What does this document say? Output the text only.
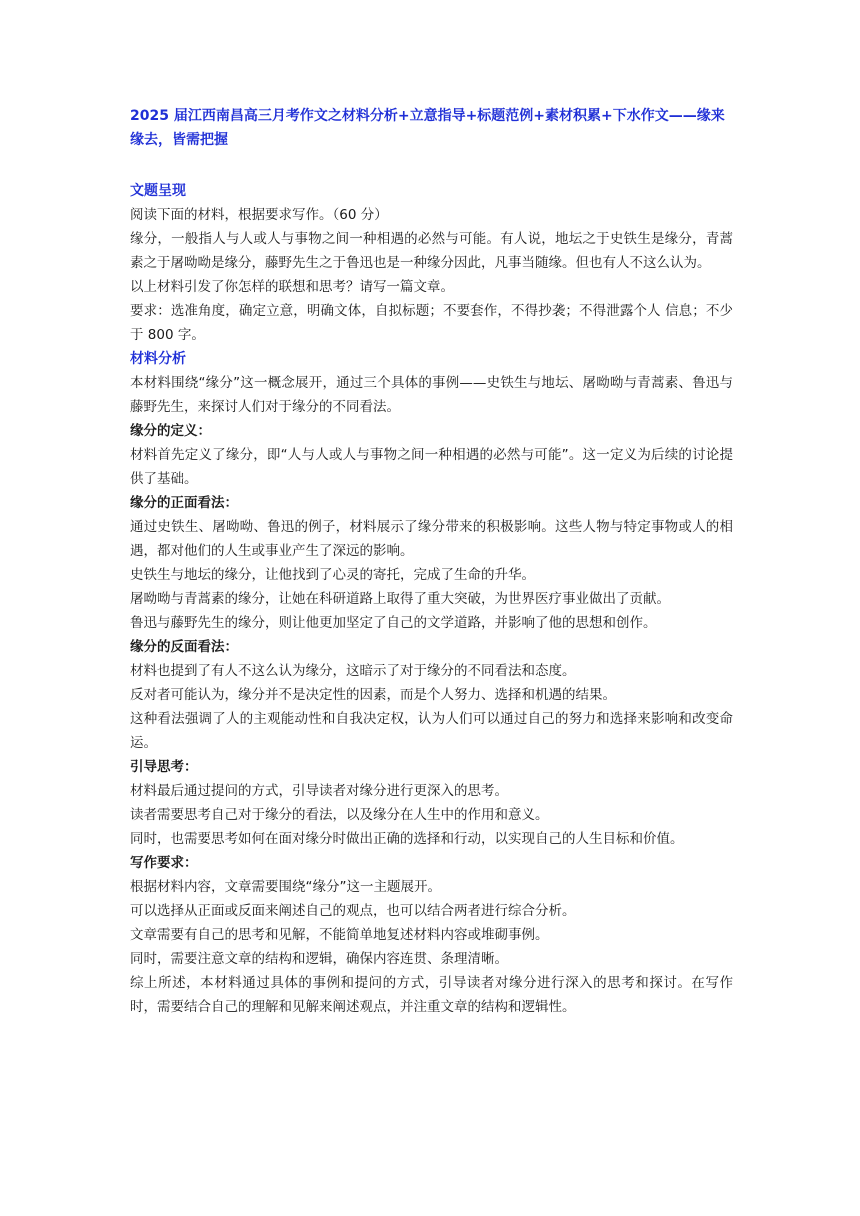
2025 届江西南昌高三月考作文之材料分析+立意指导+标题范例+素材积累+下水作文——缘来缘去，皆需把握

文题呈现

阅读下面的材料，根据要求写作。（60 分）

缘分，一般指人与人或人与事物之间一种相遇的必然与可能。有人说，地坛之于史铁生是缘分，青蒿素之于屠呦呦是缘分，藤野先生之于鲁迅也是一种缘分因此，凡事当随缘。但也有人不这么认为。

以上材料引发了你怎样的联想和思考？请写一篇文章。

要求：选准角度，确定立意，明确文体，自拟标题；不要套作，不得抄袭；不得泄露个人 信息；不少于 800 字。

材料分析

本材料围绕“缘分”这一概念展开，通过三个具体的事例——史铁生与地坛、屠呦呦与青蒿素、鲁迅与藤野先生，来探讨人们对于缘分的不同看法。

缘分的定义：

材料首先定义了缘分，即“人与人或人与事物之间一种相遇的必然与可能”。这一定义为后续的讨论提供了基础。

缘分的正面看法：

通过史铁生、屠呦呦、鲁迅的例子，材料展示了缘分带来的积极影响。这些人物与特定事物或人的相遇，都对他们的人生或事业产生了深远的影响。

史铁生与地坛的缘分，让他找到了心灵的寄托，完成了生命的升华。

屠呦呦与青蒿素的缘分，让她在科研道路上取得了重大突破，为世界医疗事业做出了贡献。

鲁迅与藤野先生的缘分，则让他更加坚定了自己的文学道路，并影响了他的思想和创作。

缘分的反面看法：

材料也提到了有人不这么认为缘分，这暗示了对于缘分的不同看法和态度。

反对者可能认为，缘分并不是决定性的因素，而是个人努力、选择和机遇的结果。

这种看法强调了人的主观能动性和自我决定权，认为人们可以通过自己的努力和选择来影响和改变命运。

引导思考：

材料最后通过提问的方式，引导读者对缘分进行更深入的思考。

读者需要思考自己对于缘分的看法，以及缘分在人生中的作用和意义。

同时，也需要思考如何在面对缘分时做出正确的选择和行动，以实现自己的人生目标和价值。

写作要求：

根据材料内容，文章需要围绕“缘分”这一主题展开。

可以选择从正面或反面来阐述自己的观点，也可以结合两者进行综合分析。

文章需要有自己的思考和见解，不能简单地复述材料内容或堆砌事例。

同时，需要注意文章的结构和逻辑，确保内容连贯、条理清晰。

综上所述，本材料通过具体的事例和提问的方式，引导读者对缘分进行深入的思考和探讨。在写作时，需要结合自己的理解和见解来阐述观点，并注重文章的结构和逻辑性。
